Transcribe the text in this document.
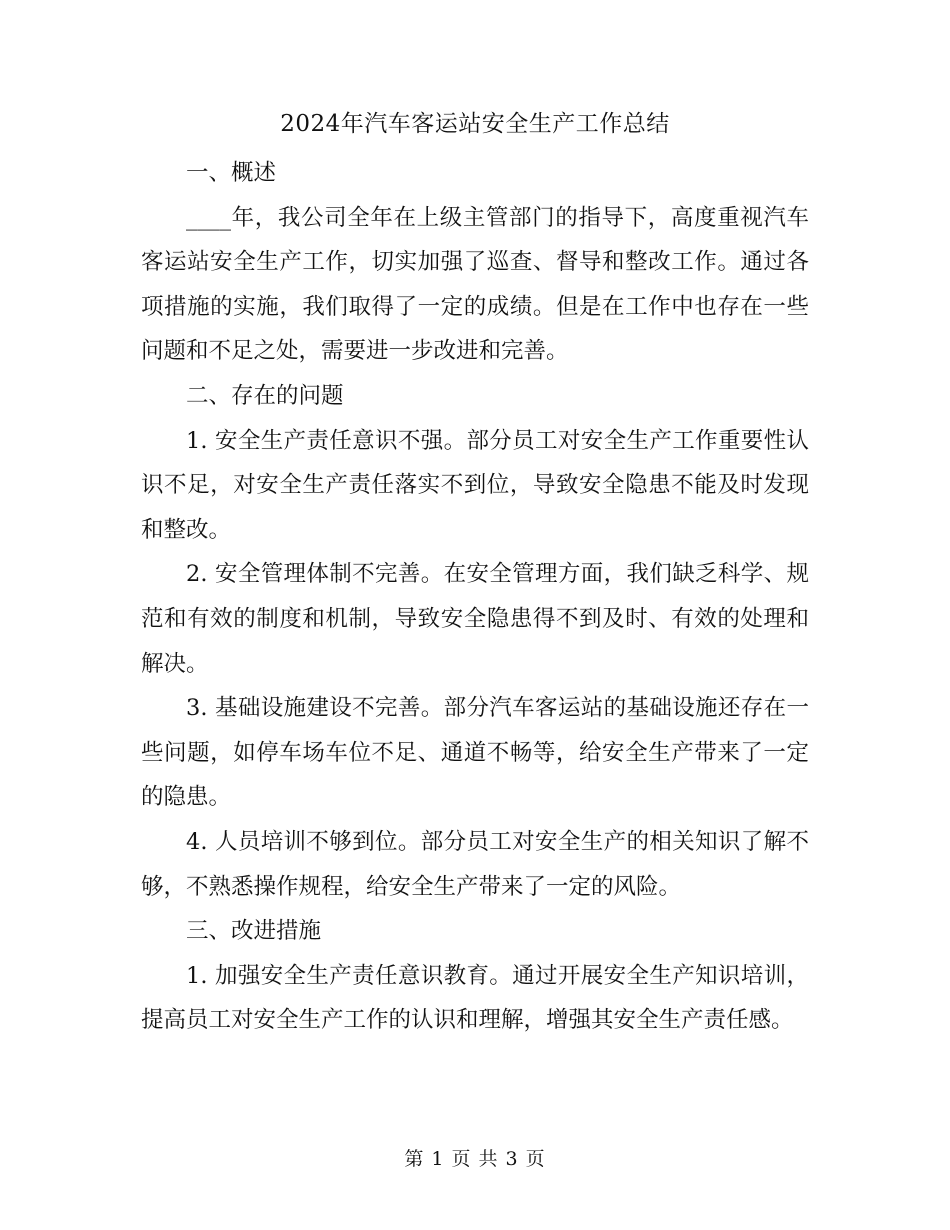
2024年汽车客运站安全生产工作总结

一、概述

____年，我公司全年在上级主管部门的指导下，高度重视汽车客运站安全生产工作，切实加强了巡查、督导和整改工作。通过各项措施的实施，我们取得了一定的成绩。但是在工作中也存在一些问题和不足之处，需要进一步改进和完善。

二、存在的问题

1. 安全生产责任意识不强。部分员工对安全生产工作重要性认识不足，对安全生产责任落实不到位，导致安全隐患不能及时发现和整改。

2. 安全管理体制不完善。在安全管理方面，我们缺乏科学、规范和有效的制度和机制，导致安全隐患得不到及时、有效的处理和解决。

3. 基础设施建设不完善。部分汽车客运站的基础设施还存在一些问题，如停车场车位不足、通道不畅等，给安全生产带来了一定的隐患。

4. 人员培训不够到位。部分员工对安全生产的相关知识了解不够，不熟悉操作规程，给安全生产带来了一定的风险。

三、改进措施

1. 加强安全生产责任意识教育。通过开展安全生产知识培训，提高员工对安全生产工作的认识和理解，增强其安全生产责任感。

第 1 页 共 3 页
